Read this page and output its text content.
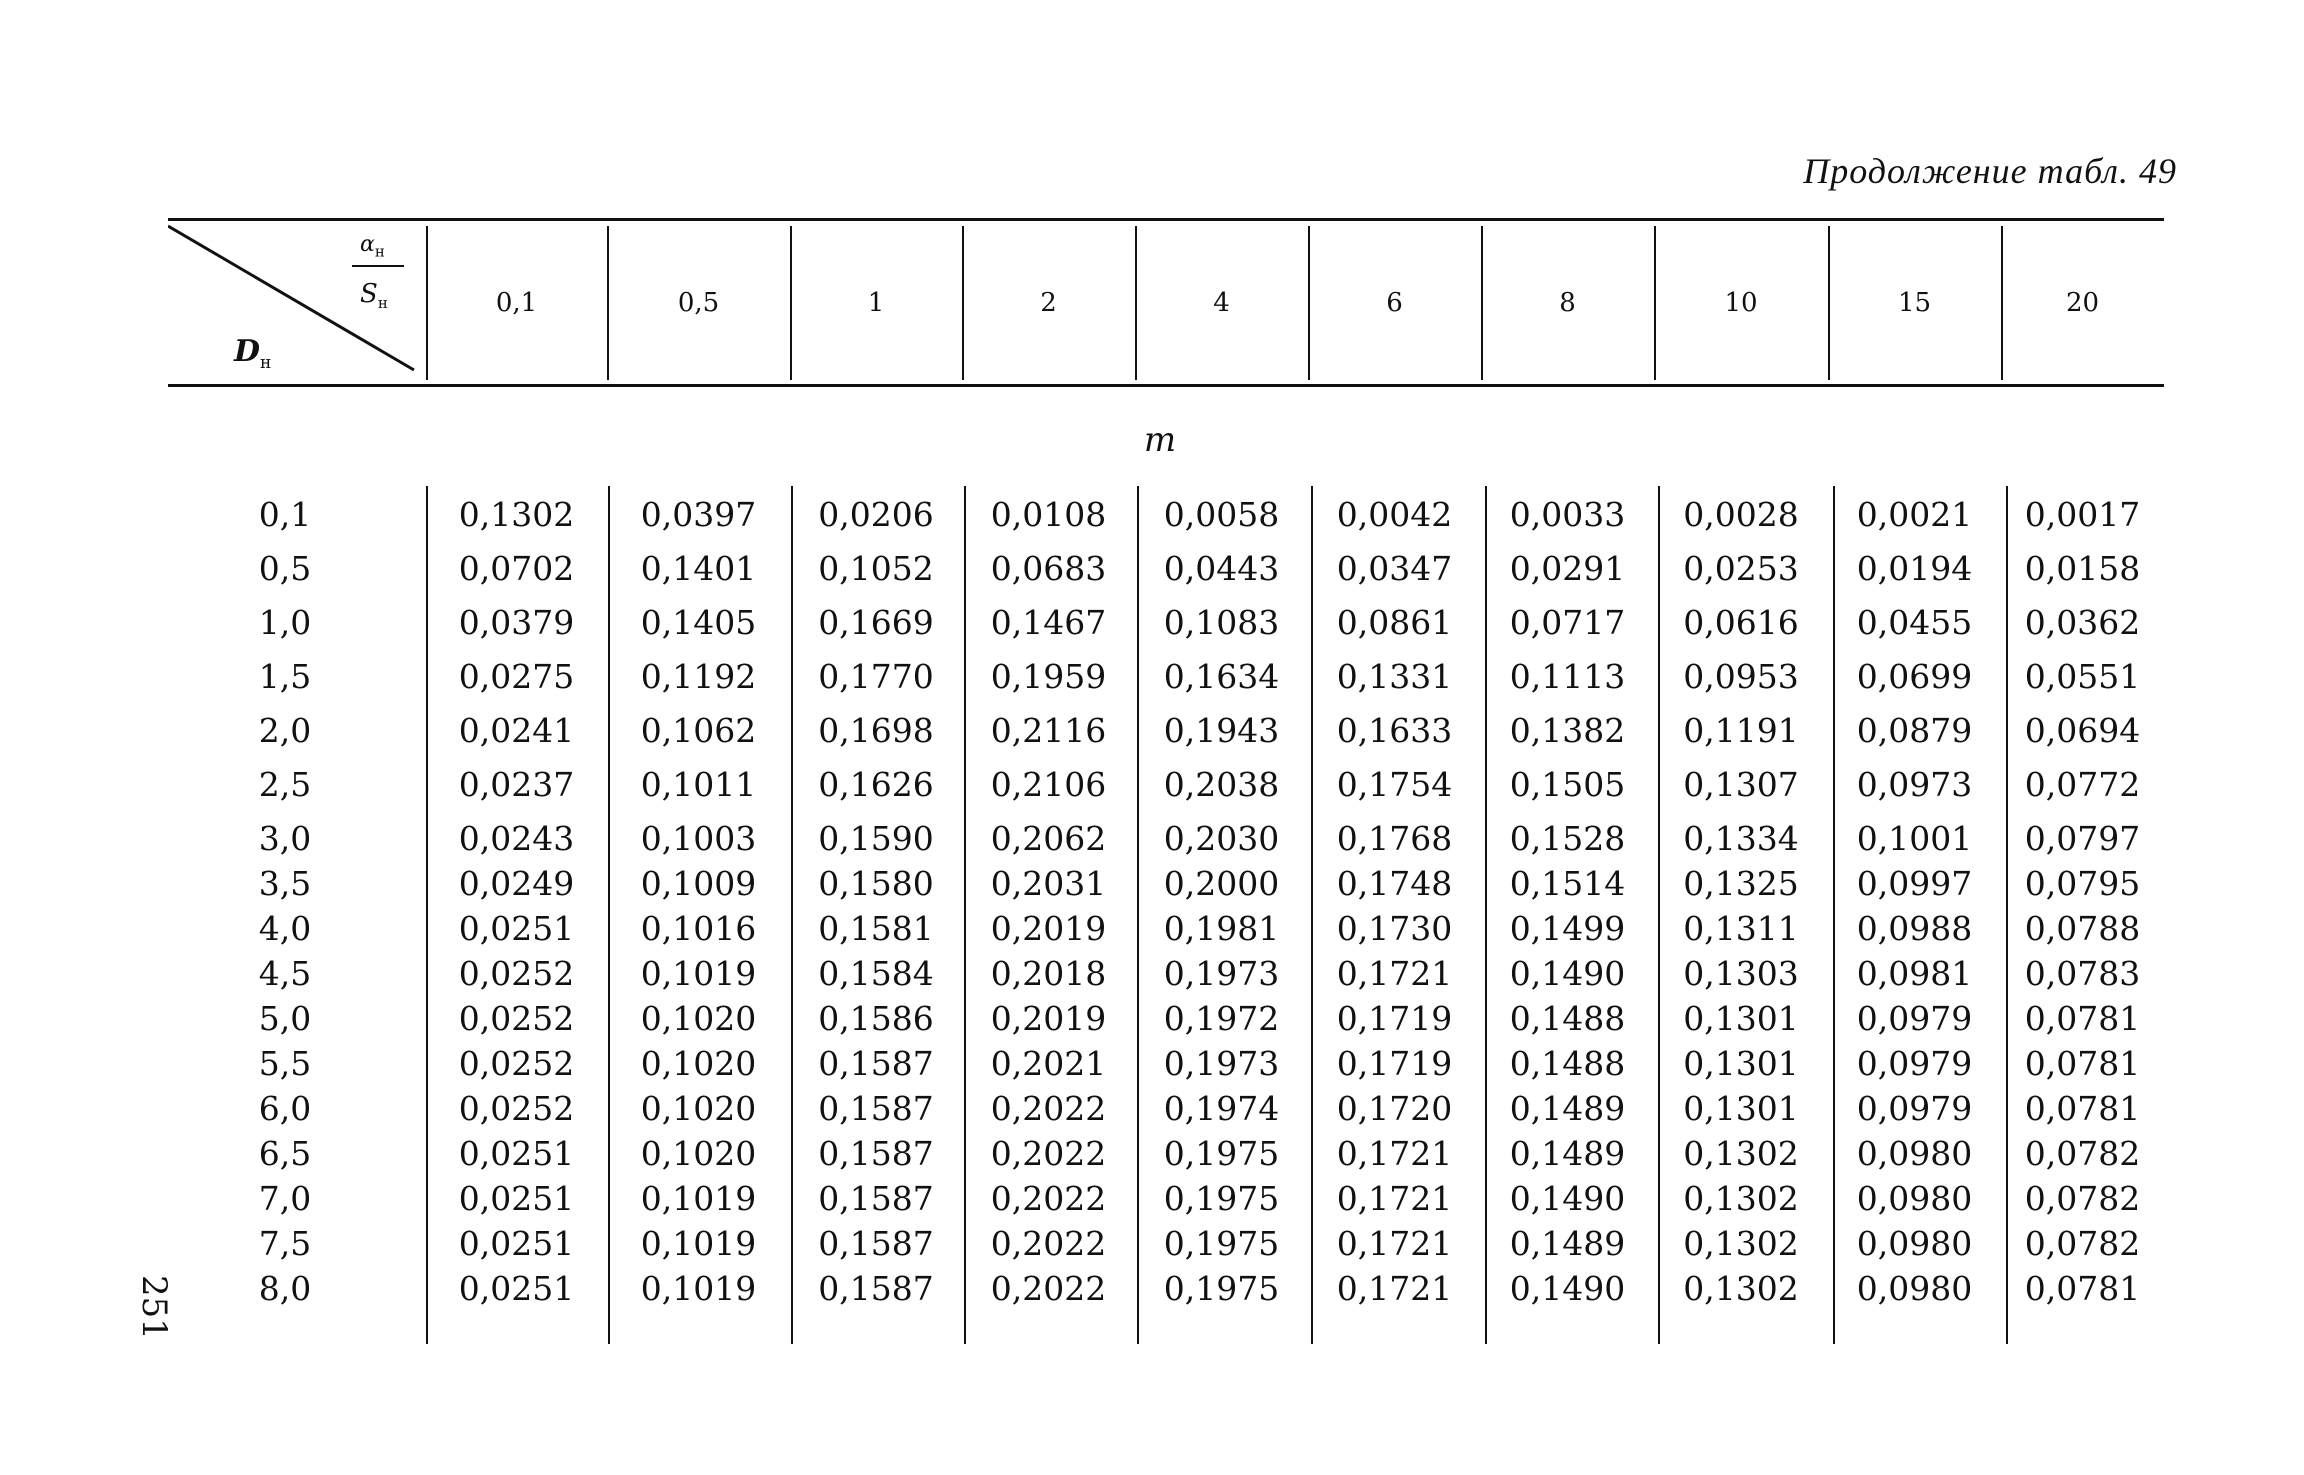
Продолжение табл. 49
$\alpha_н$
$S_н$
$D_н$
0,1	0,5	1	2	4	6	8	10	15	20
m
0,1	0,1302	0,0397	0,0206	0,0108	0,0058	0,0042	0,0033	0,0028	0,0021	0,0017
0,5	0,0702	0,1401	0,1052	0,0683	0,0443	0,0347	0,0291	0,0253	0,0194	0,0158
1,0	0,0379	0,1405	0,1669	0,1467	0,1083	0,0861	0,0717	0,0616	0,0455	0,0362
1,5	0,0275	0,1192	0,1770	0,1959	0,1634	0,1331	0,1113	0,0953	0,0699	0,0551
2,0	0,0241	0,1062	0,1698	0,2116	0,1943	0,1633	0,1382	0,1191	0,0879	0,0694
2,5	0,0237	0,1011	0,1626	0,2106	0,2038	0,1754	0,1505	0,1307	0,0973	0,0772
3,0	0,0243	0,1003	0,1590	0,2062	0,2030	0,1768	0,1528	0,1334	0,1001	0,0797
3,5	0,0249	0,1009	0,1580	0,2031	0,2000	0,1748	0,1514	0,1325	0,0997	0,0795
4,0	0,0251	0,1016	0,1581	0,2019	0,1981	0,1730	0,1499	0,1311	0,0988	0,0788
4,5	0,0252	0,1019	0,1584	0,2018	0,1973	0,1721	0,1490	0,1303	0,0981	0,0783
5,0	0,0252	0,1020	0,1586	0,2019	0,1972	0,1719	0,1488	0,1301	0,0979	0,0781
5,5	0,0252	0,1020	0,1587	0,2021	0,1973	0,1719	0,1488	0,1301	0,0979	0,0781
6,0	0,0252	0,1020	0,1587	0,2022	0,1974	0,1720	0,1489	0,1301	0,0979	0,0781
6,5	0,0251	0,1020	0,1587	0,2022	0,1975	0,1721	0,1489	0,1302	0,0980	0,0782
7,0	0,0251	0,1019	0,1587	0,2022	0,1975	0,1721	0,1490	0,1302	0,0980	0,0782
7,5	0,0251	0,1019	0,1587	0,2022	0,1975	0,1721	0,1489	0,1302	0,0980	0,0782
8,0	0,0251	0,1019	0,1587	0,2022	0,1975	0,1721	0,1490	0,1302	0,0980	0,0781
251
